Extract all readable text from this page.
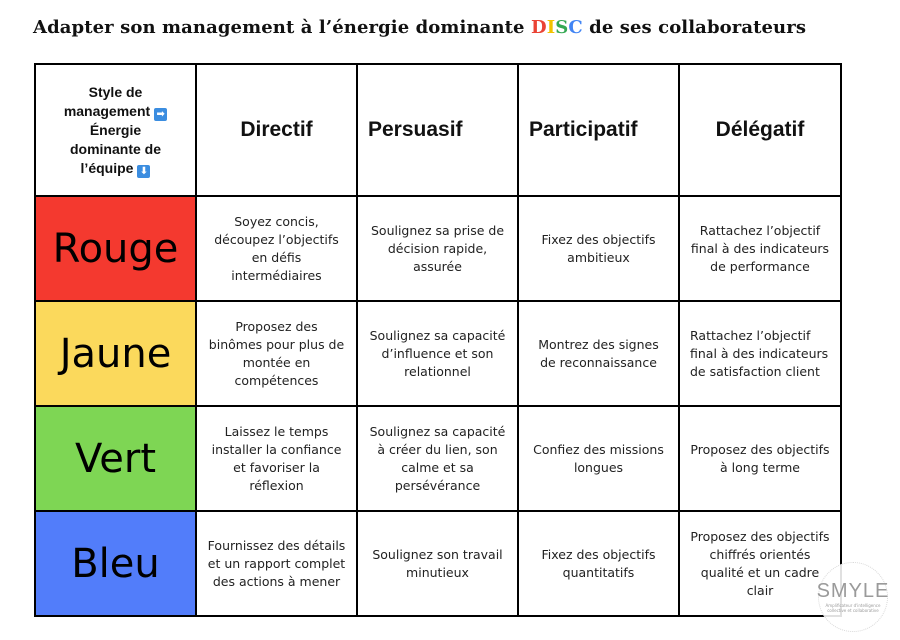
Adapter son management à l’énergie dominante DISC de ses collaborateurs
Style de
management ➡
Énergie
dominante de
l’équipe ⬇	Directif	Persuasif	Participatif	Délégatif
Rouge	Soyez concis, découpez l’objectifs en défis intermédiaires	Soulignez sa prise de décision rapide, assurée	Fixez des objectifs ambitieux	Rattachez l’objectif final à des indicateurs de performance
Jaune	Proposez des binômes pour plus de montée en compétences	Soulignez sa capacité d’influence et son relationnel	Montrez des signes de reconnaissance	Rattachez l’objectif final à des indicateurs de satisfaction client
Vert	Laissez le temps installer la confiance et favoriser la réflexion	Soulignez sa capacité à créer du lien, son calme et sa persévérance	Confiez des missions longues	Proposez des objectifs à long terme
Bleu	Fournissez des détails et un rapport complet des actions à mener	Soulignez son travail minutieux	Fixez des objectifs quantitatifs	Proposez des objectifs chiffrés orientés qualité et un cadre clair SMYLE
Amplificateur d'intelligence collective et collaborative
